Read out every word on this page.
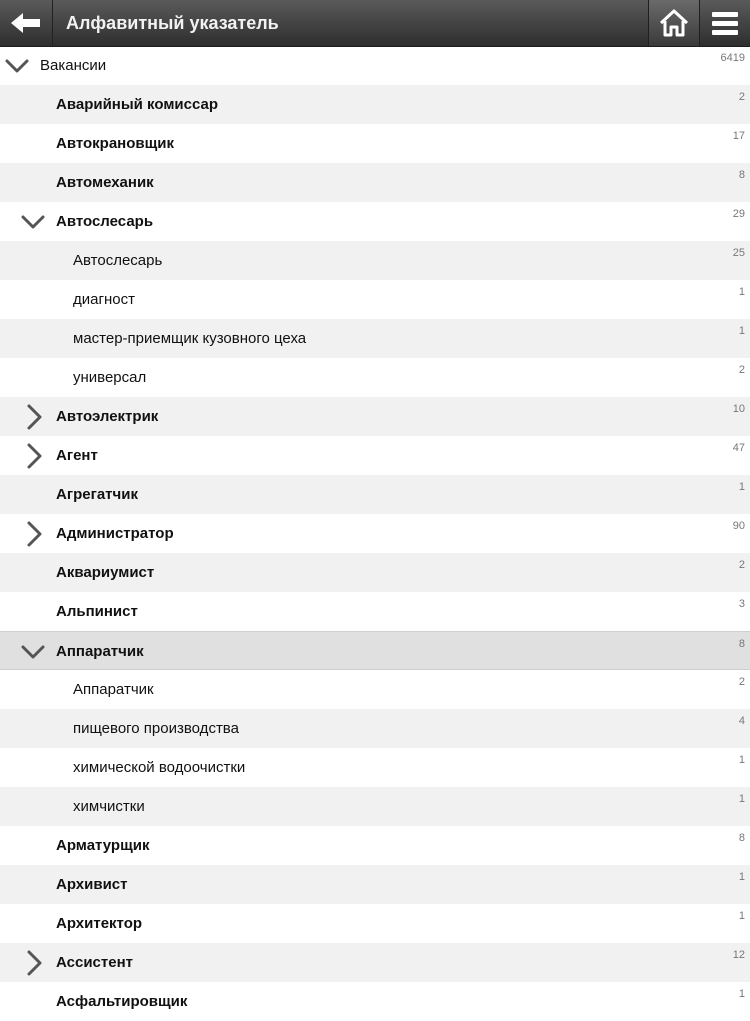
Алфавитный указатель
Вакансии	6419
Аварийный комиссар	2
Автокрановщик	17
Автомеханик	8
Автослесарь	29
Автослесарь	25
диагност	1
мастер-приемщик кузовного цеха	1
универсал	2
Автоэлектрик	10
Агент	47
Агрегатчик	1
Администратор	90
Аквариумист	2
Альпинист	3
Аппаратчик	8
Аппаратчик	2
пищевого производства	4
химической водоочистки	1
химчистки	1
Арматурщик	8
Архивист	1
Архитектор	1
Ассистент	12
Асфальтировщик	1
